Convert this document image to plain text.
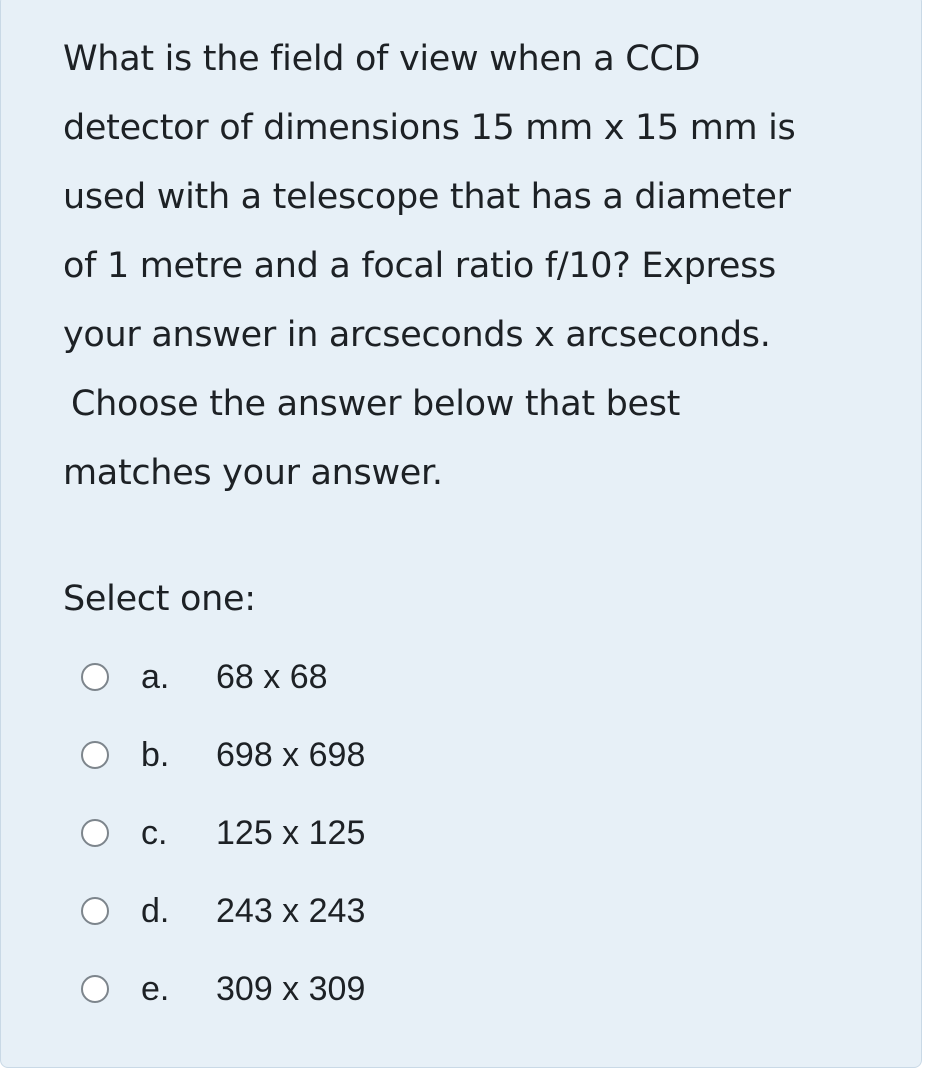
What is the field of view when a CCD
detector of dimensions 15 mm x 15 mm is
used with a telescope that has a diameter
of 1 metre and a focal ratio f/10? Express
your answer in arcseconds x arcseconds.
Choose the answer below that best
matches your answer.
Select one:
a. 68 x 68
b. 698 x 698
c. 125 x 125
d. 243 x 243
e. 309 x 309
